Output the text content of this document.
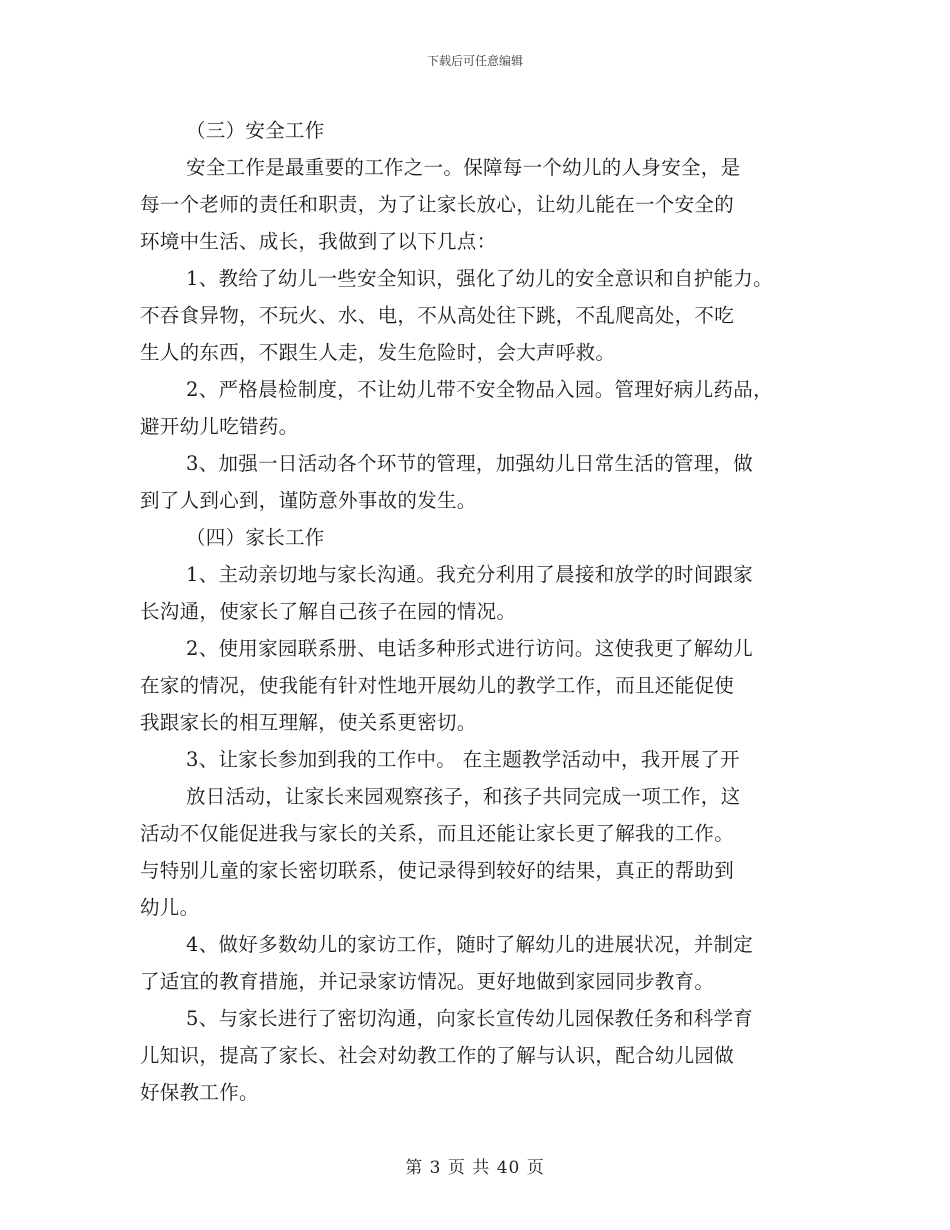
下载后可任意编辑
（三）安全工作
安全工作是最重要的工作之一。保障每一个幼儿的人身安全，是
每一个老师的责任和职责，为了让家长放心，让幼儿能在一个安全的
环境中生活、成长，我做到了以下几点：
1、教给了幼儿一些安全知识，强化了幼儿的安全意识和自护能力。
不吞食异物，不玩火、水、电，不从高处往下跳，不乱爬高处，不吃
生人的东西，不跟生人走，发生危险时，会大声呼救。
2、严格晨检制度，不让幼儿带不安全物品入园。管理好病儿药品，
避开幼儿吃错药。
3、加强一日活动各个环节的管理，加强幼儿日常生活的管理，做
到了人到心到，谨防意外事故的发生。
（四）家长工作
1、主动亲切地与家长沟通。我充分利用了晨接和放学的时间跟家
长沟通，使家长了解自己孩子在园的情况。
2、使用家园联系册、电话多种形式进行访问。这使我更了解幼儿
在家的情况，使我能有针对性地开展幼儿的教学工作，而且还能促使
我跟家长的相互理解，使关系更密切。
3、让家长参加到我的工作中。 在主题教学活动中，我开展了开
放日活动，让家长来园观察孩子，和孩子共同完成一项工作，这
活动不仅能促进我与家长的关系，而且还能让家长更了解我的工作。
与特别儿童的家长密切联系，使记录得到较好的结果，真正的帮助到
幼儿。
4、做好多数幼儿的家访工作，随时了解幼儿的进展状况，并制定
了适宜的教育措施，并记录家访情况。更好地做到家园同步教育。
5、与家长进行了密切沟通，向家长宣传幼儿园保教任务和科学育
儿知识，提高了家长、社会对幼教工作的了解与认识，配合幼儿园做
好保教工作。
第 3 页 共 40 页
